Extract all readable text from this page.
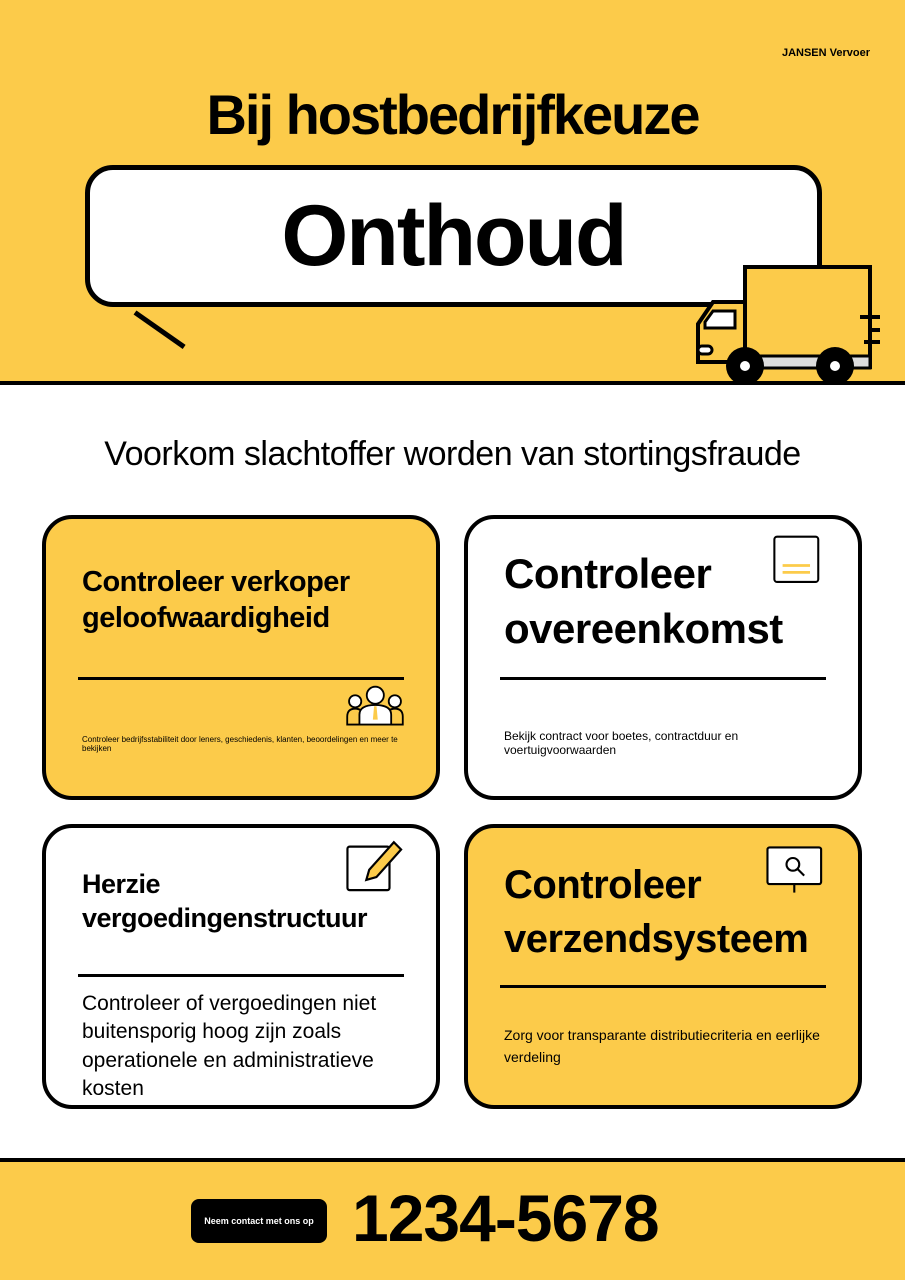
JANSEN Vervoer
Bij hostbedrijfkeuze
Onthoud
Voorkom slachtoffer worden van stortingsfraude
Controleer verkoper geloofwaardigheid

Controleer bedrijfsstabiliteit door leners, geschiedenis, klanten, beoordelingen en meer te bekijken

Controleer overeenkomst

Bekijk contract voor boetes, contractduur en voertuigvoorwaarden

Herzie vergoedingenstructuur

Controleer of vergoedingen niet buitensporig hoog zijn zoals operationele en administratieve kosten

Controleer verzendsysteem

Zorg voor transparante distributiecriteria en eerlijke verdeling

Neem contact met ons op 1234-5678
